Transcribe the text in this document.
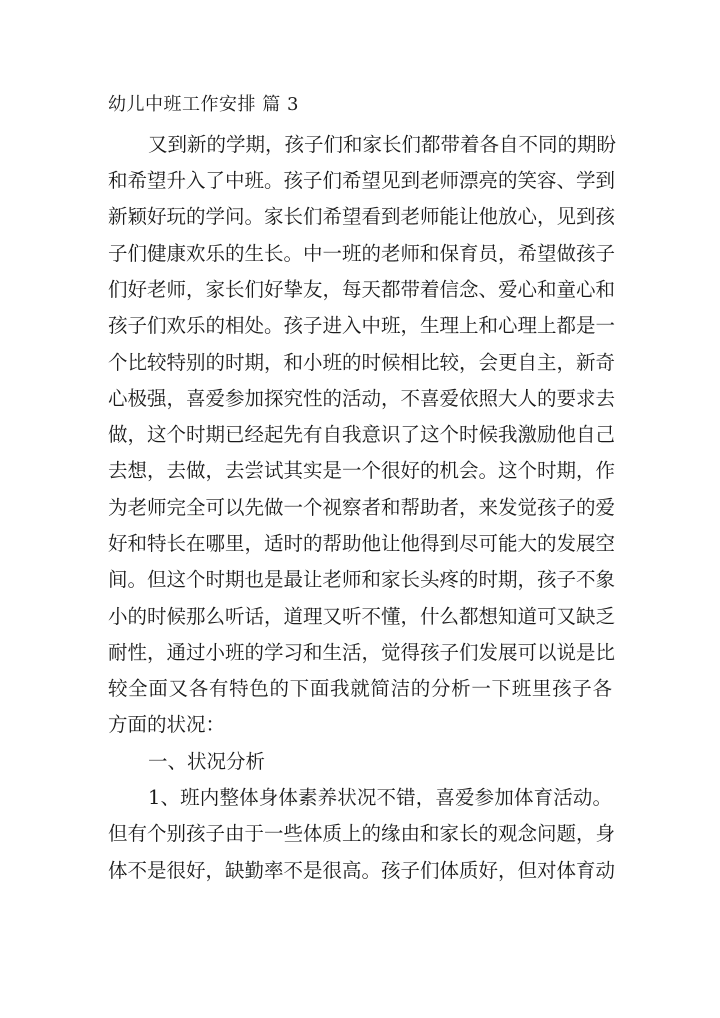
幼儿中班工作安排 篇 3
又到新的学期，孩子们和家长们都带着各自不同的期盼
和希望升入了中班。孩子们希望见到老师漂亮的笑容、学到
新颖好玩的学问。家长们希望看到老师能让他放心，见到孩
子们健康欢乐的生长。中一班的老师和保育员，希望做孩子
们好老师，家长们好挚友，每天都带着信念、爱心和童心和
孩子们欢乐的相处。孩子进入中班，生理上和心理上都是一
个比较特别的时期，和小班的时候相比较，会更自主，新奇
心极强，喜爱参加探究性的活动，不喜爱依照大人的要求去
做，这个时期已经起先有自我意识了这个时候我激励他自己
去想，去做，去尝试其实是一个很好的机会。这个时期，作
为老师完全可以先做一个视察者和帮助者，来发觉孩子的爱
好和特长在哪里，适时的帮助他让他得到尽可能大的发展空
间。但这个时期也是最让老师和家长头疼的时期，孩子不象
小的时候那么听话，道理又听不懂，什么都想知道可又缺乏
耐性，通过小班的学习和生活，觉得孩子们发展可以说是比
较全面又各有特色的下面我就简洁的分析一下班里孩子各
方面的状况：
一、状况分析
1、班内整体身体素养状况不错，喜爱参加体育活动。
但有个别孩子由于一些体质上的缘由和家长的观念问题，身
体不是很好，缺勤率不是很高。孩子们体质好，但对体育动
